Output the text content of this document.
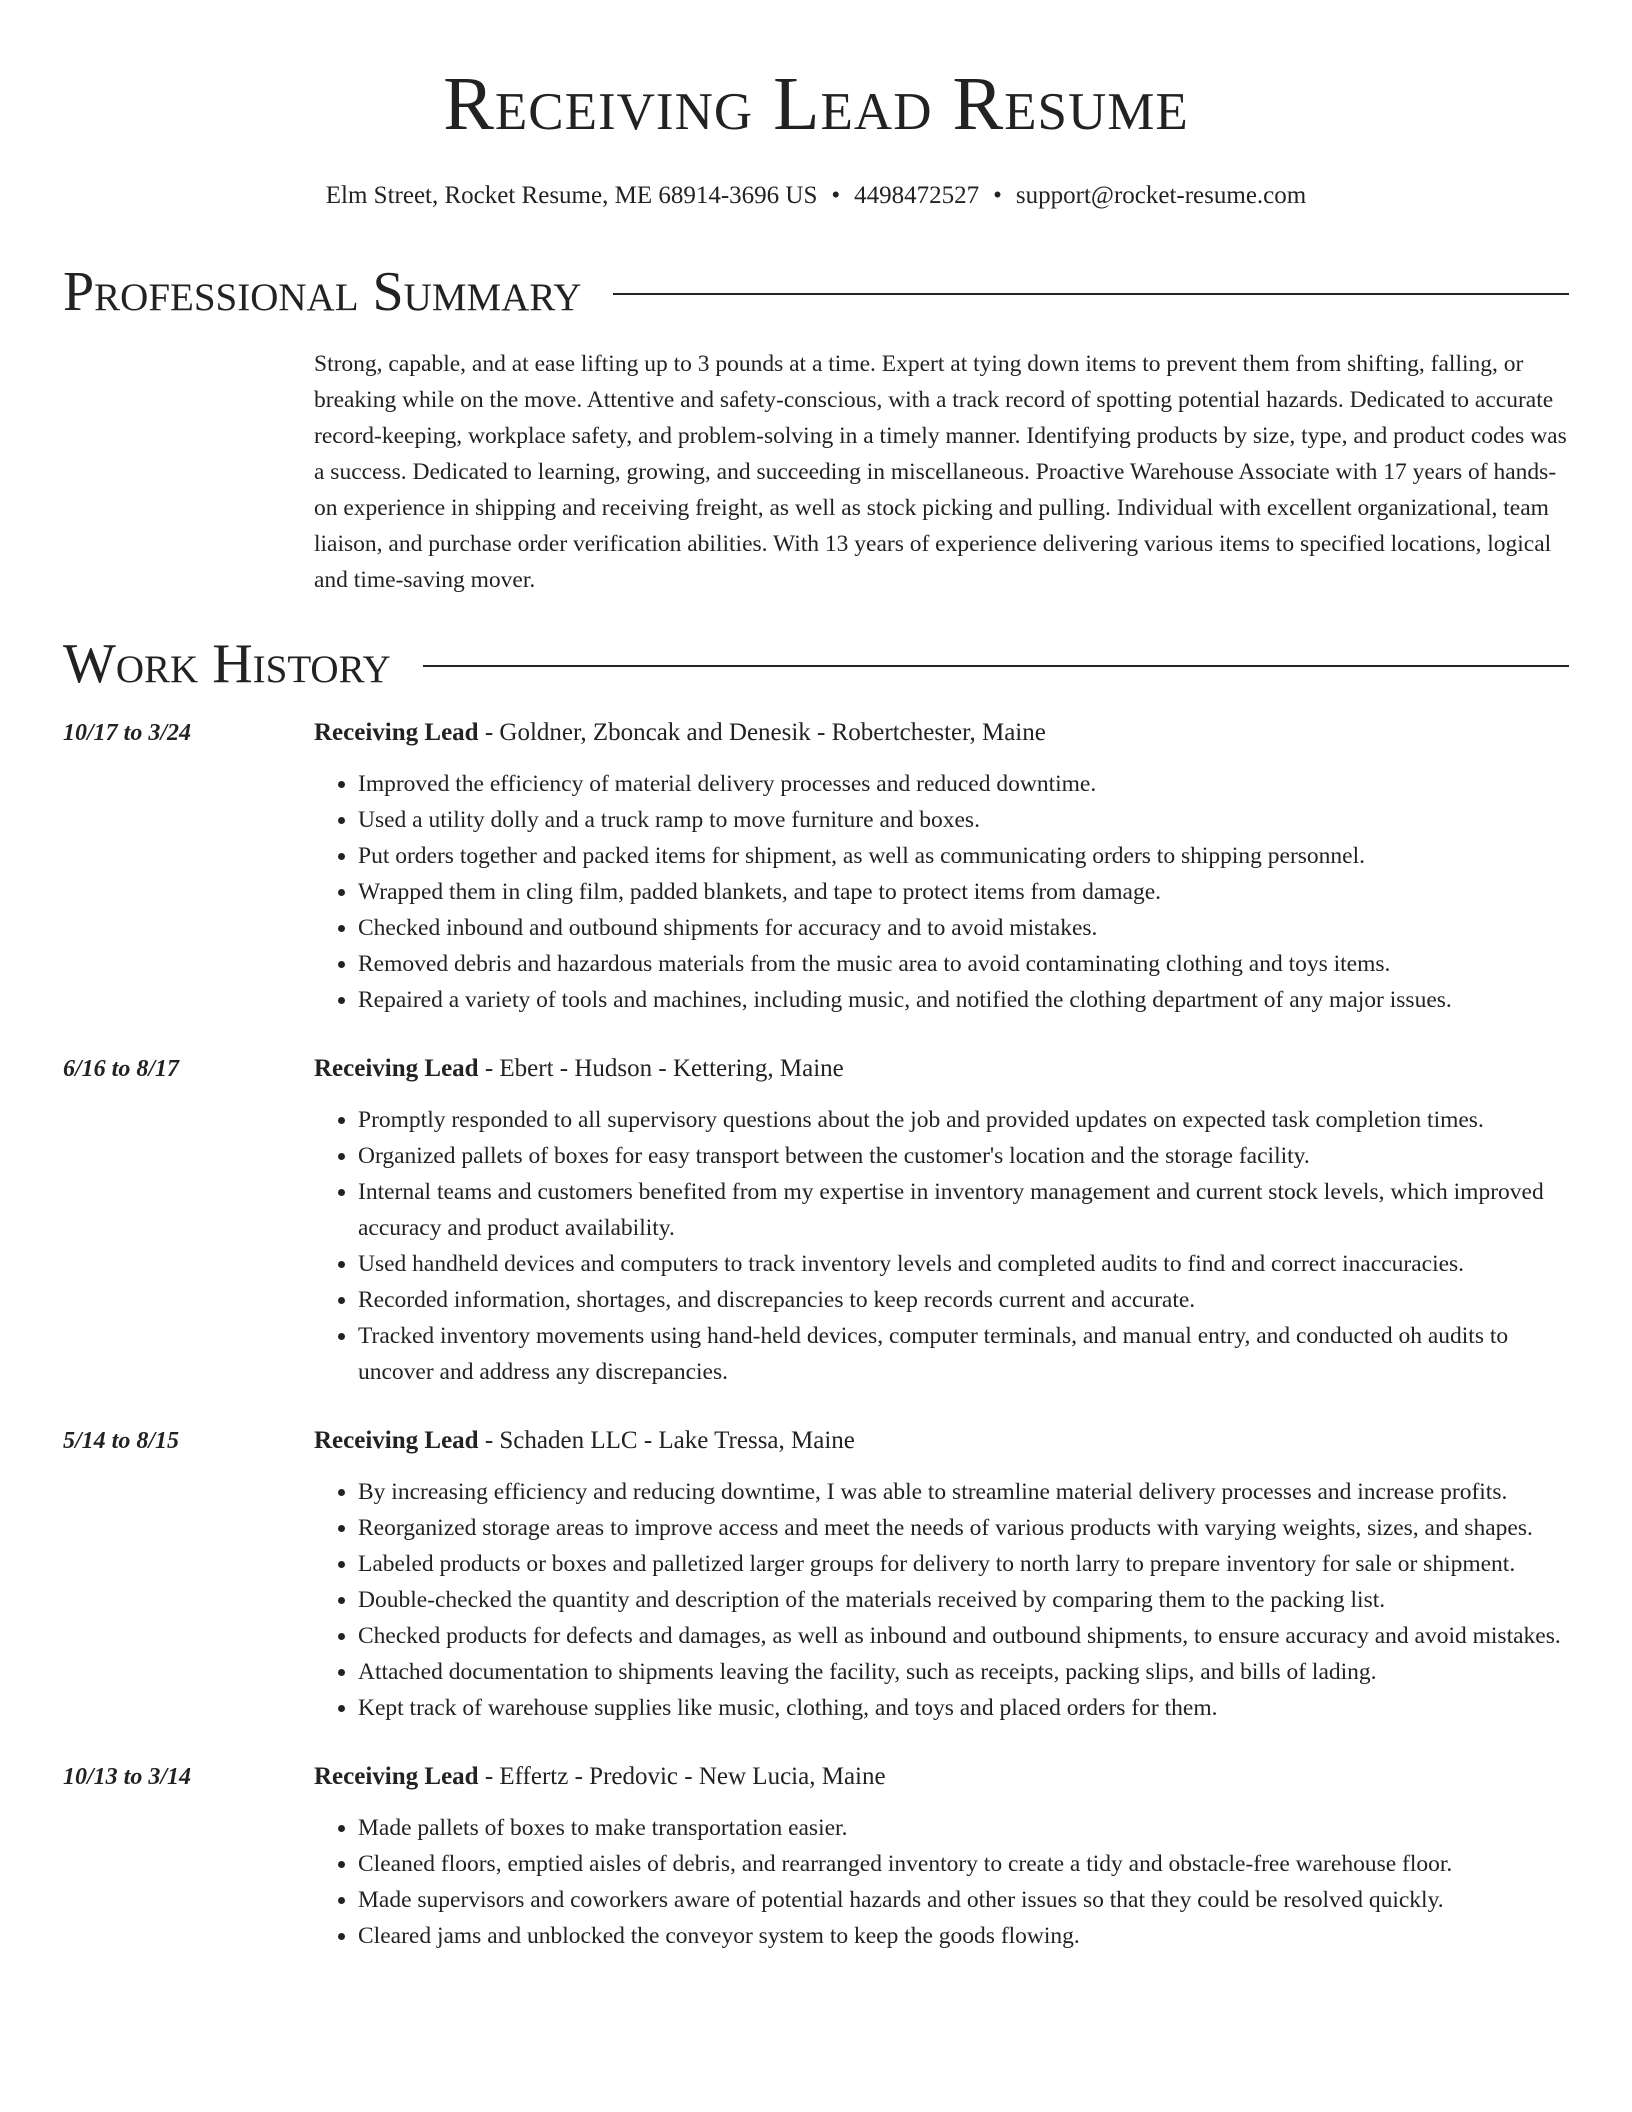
Receiving Lead Resume
Elm Street, Rocket Resume, ME 68914-3696 US • 4498472527 • support@rocket-resume.com
Professional Summary
Strong, capable, and at ease lifting up to 3 pounds at a time. Expert at tying down items to prevent them from shifting, falling, or breaking while on the move. Attentive and safety-conscious, with a track record of spotting potential hazards. Dedicated to accurate record-keeping, workplace safety, and problem-solving in a timely manner. Identifying products by size, type, and product codes was a success. Dedicated to learning, growing, and succeeding in miscellaneous. Proactive Warehouse Associate with 17 years of hands-on experience in shipping and receiving freight, as well as stock picking and pulling. Individual with excellent organizational, team liaison, and purchase order verification abilities. With 13 years of experience delivering various items to specified locations, logical and time-saving mover.
Work History
10/17 to 3/24	Receiving Lead - Goldner, Zboncak and Denesik - Robertchester, Maine
• Improved the efficiency of material delivery processes and reduced downtime.
• Used a utility dolly and a truck ramp to move furniture and boxes.
• Put orders together and packed items for shipment, as well as communicating orders to shipping personnel.
• Wrapped them in cling film, padded blankets, and tape to protect items from damage.
• Checked inbound and outbound shipments for accuracy and to avoid mistakes.
• Removed debris and hazardous materials from the music area to avoid contaminating clothing and toys items.
• Repaired a variety of tools and machines, including music, and notified the clothing department of any major issues.
6/16 to 8/17	Receiving Lead - Ebert - Hudson - Kettering, Maine
• Promptly responded to all supervisory questions about the job and provided updates on expected task completion times.
• Organized pallets of boxes for easy transport between the customer's location and the storage facility.
• Internal teams and customers benefited from my expertise in inventory management and current stock levels, which improved accuracy and product availability.
• Used handheld devices and computers to track inventory levels and completed audits to find and correct inaccuracies.
• Recorded information, shortages, and discrepancies to keep records current and accurate.
• Tracked inventory movements using hand-held devices, computer terminals, and manual entry, and conducted oh audits to uncover and address any discrepancies.
5/14 to 8/15	Receiving Lead - Schaden LLC - Lake Tressa, Maine
• By increasing efficiency and reducing downtime, I was able to streamline material delivery processes and increase profits.
• Reorganized storage areas to improve access and meet the needs of various products with varying weights, sizes, and shapes.
• Labeled products or boxes and palletized larger groups for delivery to north larry to prepare inventory for sale or shipment.
• Double-checked the quantity and description of the materials received by comparing them to the packing list.
• Checked products for defects and damages, as well as inbound and outbound shipments, to ensure accuracy and avoid mistakes.
• Attached documentation to shipments leaving the facility, such as receipts, packing slips, and bills of lading.
• Kept track of warehouse supplies like music, clothing, and toys and placed orders for them.
10/13 to 3/14	Receiving Lead - Effertz - Predovic - New Lucia, Maine
• Made pallets of boxes to make transportation easier.
• Cleaned floors, emptied aisles of debris, and rearranged inventory to create a tidy and obstacle-free warehouse floor.
• Made supervisors and coworkers aware of potential hazards and other issues so that they could be resolved quickly.
• Cleared jams and unblocked the conveyor system to keep the goods flowing.
